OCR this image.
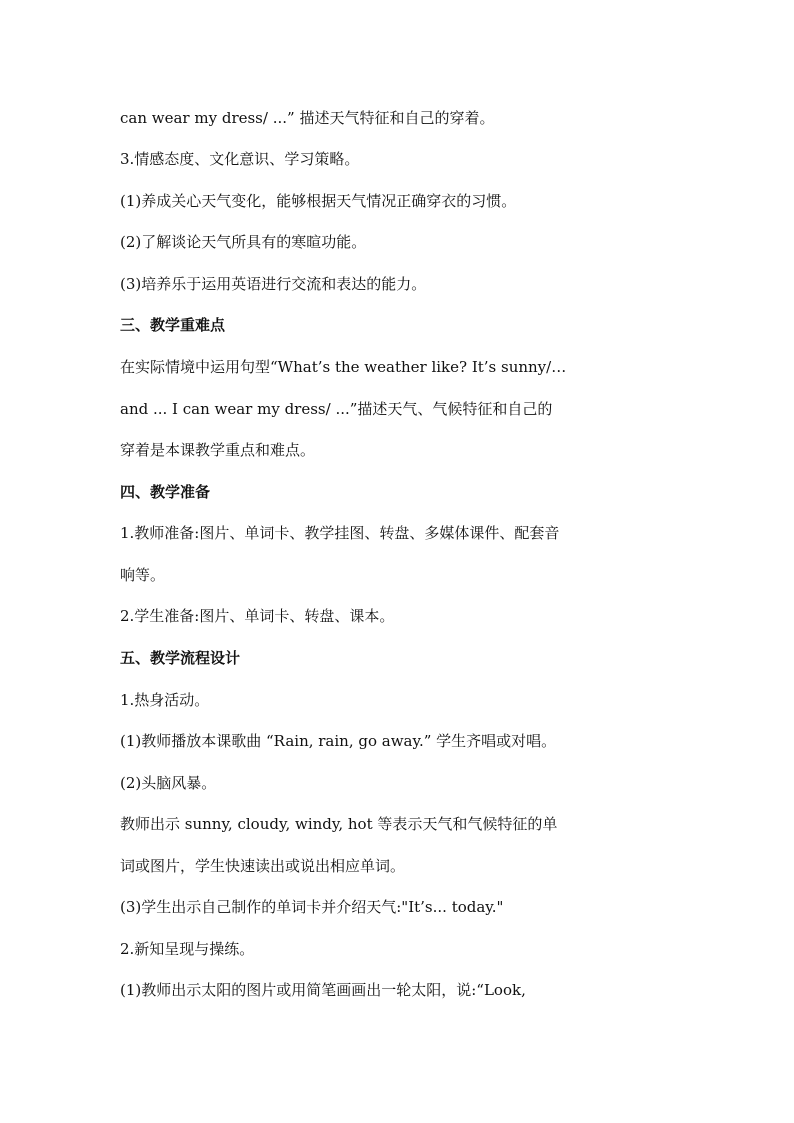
can wear my dress/ ...” 描述天气特征和自己的穿着。
3.情感态度、文化意识、学习策略。
(1)养成关心天气变化，能够根据天气情况正确穿衣的习惯。
(2)了解谈论天气所具有的寒暄功能。
(3)培养乐于运用英语进行交流和表达的能力。
三、教学重难点
在实际情境中运用句型“What’s the weather like? It’s sunny/…
and ... I can wear my dress/ ...”描述天气、气候特征和自己的
穿着是本课教学重点和难点。
四、教学准备
1.教师准备:图片、单词卡、教学挂图、转盘、多媒体课件、配套音
响等。
2.学生准备:图片、单词卡、转盘、课本。
五、教学流程设计
1.热身活动。
(1)教师播放本课歌曲 “Rain, rain, go away.” 学生齐唱或对唱。
(2)头脑风暴。
教师出示 sunny, cloudy, windy, hot 等表示天气和气候特征的单
词或图片，学生快速读出或说出相应单词。
(3)学生出示自己制作的单词卡并介绍天气:"It’s... today."
2.新知呈现与操练。
(1)教师出示太阳的图片或用简笔画画出一轮太阳，说:“Look,
